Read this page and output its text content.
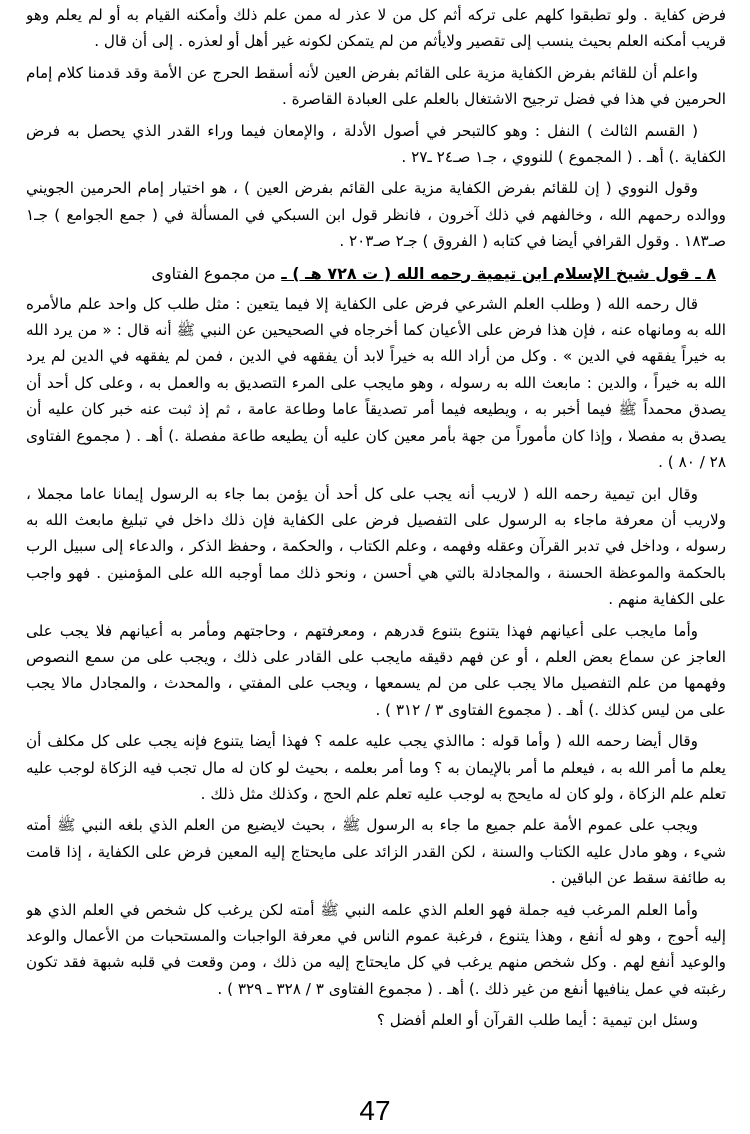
فرض كفاية . ولو تطبقوا كلهم على تركه أثم كل من لا عذر له ممن علم ذلك وأمكنه القيام به أو لم يعلم وهو قريب أمكنه العلم بحيث ينسب إلى تقصير ولايأثم من لم يتمكن لكونه غير أهل أو لعذره . إلى أن قال .

واعلم أن للقائم بفرض الكفاية مزية على القائم بفرض العين لأنه أسقط الحرج عن الأمة وقد قدمنا كلام إمام الحرمين في هذا في فضل ترجيح الاشتغال بالعلم على العبادة القاصرة .

( القسم الثالث ) النفل : وهو كالتبحر في أصول الأدلة ، والإمعان فيما وراء القدر الذي يحصل به فرض الكفاية .) أهـ . ( المجموع ) للنووي ، جـ١ صـ٢٤ ـ٢٧ .

وقول النووي ( إن للقائم بفرض الكفاية مزية على القائم بفرض العين ) ، هو اختيار إمام الحرمين الجويني ووالده رحمهم الله ، وخالفهم في ذلك آخرون ، فانظر قول ابن السبكي في المسألة في ( جمع الجوامع ) جـ١ صـ١٨٣ . وقول القرافي أيضا في كتابه ( الفروق ) جـ٢ صـ٢٠٣ .

٨ ـ قول شيخ الإسلام ابن تيمية رحمه الله ( ت ٧٢٨ هـ ) ـ من مجموع الفتاوى

قال رحمه الله ( وطلب العلم الشرعي فرض على الكفاية إلا فيما يتعين : مثل طلب كل واحد علم مالأمره الله به ومانهاه عنه ، فإن هذا فرض على الأعيان كما أخرجاه في الصحيحين عن النبي ﷺ أنه قال : « من يرد الله به خيراً يفقهه في الدين » . وكل من أراد الله به خيراً لابد أن يفقهه في الدين ، فمن لم يفقهه في الدين لم يرد الله به خيراً ، والدين : مابعث الله به رسوله ، وهو مايجب على المرء التصديق به والعمل به ، وعلى كل أحد أن يصدق محمداً ﷺ فيما أخبر به ، ويطيعه فيما أمر تصديقاً عاما وطاعة عامة ، ثم إذ ثبت عنه خبر كان عليه أن يصدق به مفصلا ، وإذا كان مأموراً من جهة بأمر معين كان عليه أن يطيعه طاعة مفصلة .) أهـ . ( مجموع الفتاوى ٢٨ / ٨٠ ) .

وقال ابن تيمية رحمه الله ( لاريب أنه يجب على كل أحد أن يؤمن بما جاء به الرسول إيمانا عاما مجملا ، ولاريب أن معرفة ماجاء به الرسول على التفصيل فرض على الكفاية فإن ذلك داخل في تبليغ مابعث الله به رسوله ، وداخل في تدبر القرآن وعقله وفهمه ، وعلم الكتاب ، والحكمة ، وحفظ الذكر ، والدعاء إلى سبيل الرب بالحكمة والموعظة الحسنة ، والمجادلة بالتي هي أحسن ، ونحو ذلك مما أوجبه الله على المؤمنين . فهو واجب على الكفاية منهم .

وأما مايجب على أعيانهم فهذا يتنوع بتنوع قدرهم ، ومعرفتهم ، وحاجتهم ومأمر به أعيانهم فلا يجب على العاجز عن سماع بعض العلم ، أو عن فهم دقيقه مايجب على القادر على ذلك ، ويجب على من سمع النصوص وفهمها من علم التفصيل مالا يجب على من لم يسمعها ، ويجب على المفتي ، والمحدث ، والمجادل مالا يجب على من ليس كذلك .) أهـ . ( مجموع الفتاوى ٣ / ٣١٢ ) .

وقال أيضا رحمه الله ( وأما قوله : ماالذي يجب عليه علمه ؟ فهذا أيضا يتنوع فإنه يجب على كل مكلف أن يعلم ما أمر الله به ، فيعلم ما أمر بالإيمان به ؟ وما أمر بعلمه ، بحيث لو كان له مال تجب فيه الزكاة لوجب عليه تعلم علم الزكاة ، ولو كان له مايحج به لوجب عليه تعلم علم الحج ، وكذلك مثل ذلك .

ويجب على عموم الأمة علم جميع ما جاء به الرسول ﷺ ، بحيث لايضيع من العلم الذي بلغه النبي ﷺ أمته شيء ، وهو مادل عليه الكتاب والسنة ، لكن القدر الزائد على مايحتاج إليه المعين فرض على الكفاية ، إذا قامت به طائفة سقط عن الباقين .

وأما العلم المرغب فيه جملة فهو العلم الذي علمه النبي ﷺ أمته لكن يرغب كل شخص في العلم الذي هو إليه أحوج ، وهو له أنفع ، وهذا يتنوع ، فرغبة عموم الناس في معرفة الواجبات والمستحبات من الأعمال والوعد والوعيد أنفع لهم . وكل شخص منهم يرغب في كل مايحتاج إليه من ذلك ، ومن وقعت في قلبه شبهة فقد تكون رغبته في عمل ينافيها أنفع من غير ذلك .) أهـ . ( مجموع الفتاوى ٣ / ٣٢٨ ـ ٣٢٩ ) .

وسئل ابن تيمية : أيما طلب القرآن أو العلم أفضل ؟

47
